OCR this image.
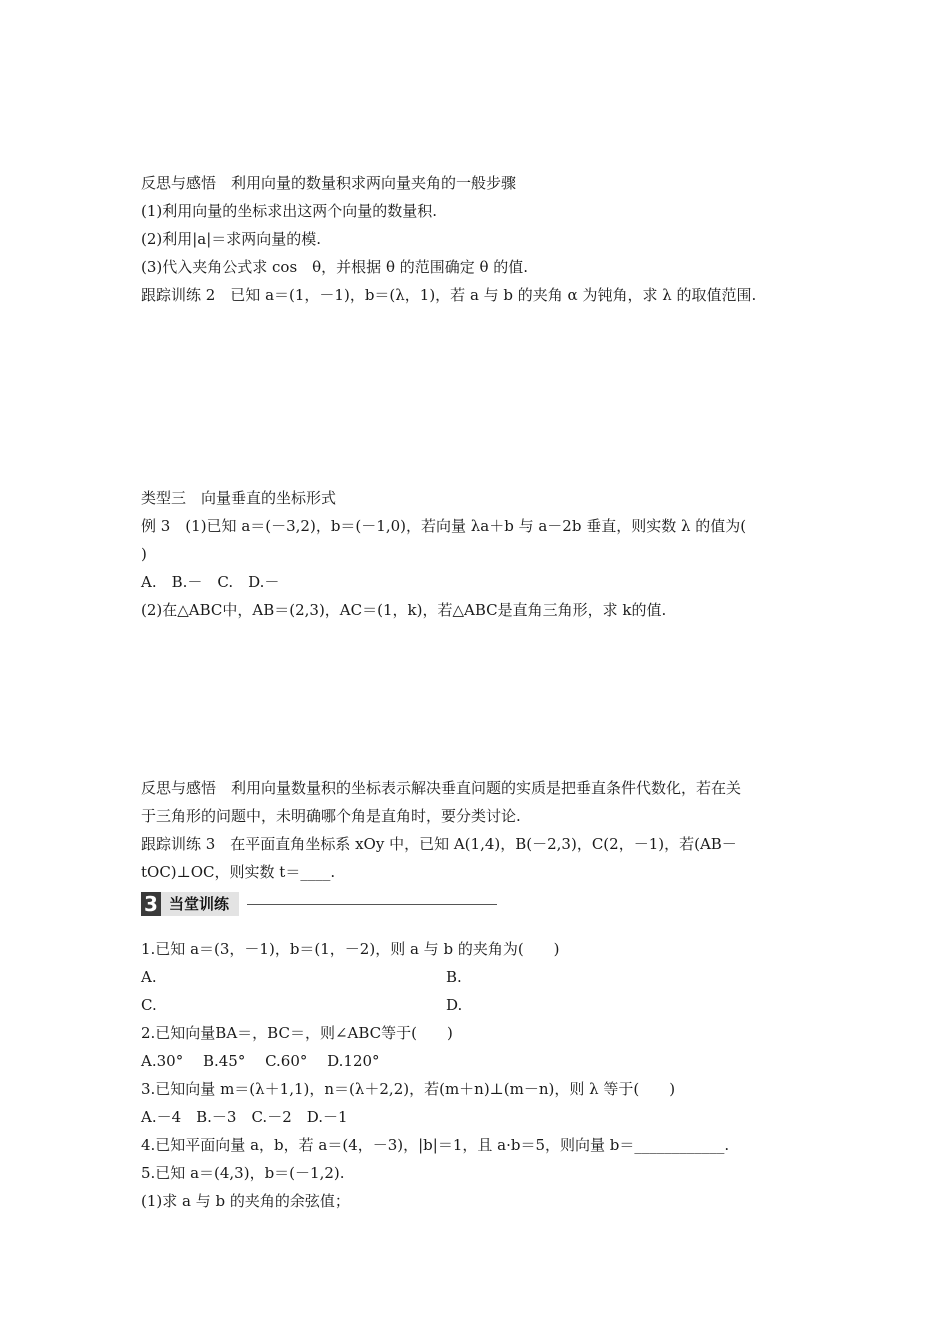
反思与感悟　利用向量的数量积求两向量夹角的一般步骤

(1)利用向量的坐标求出这两个向量的数量积.

(2)利用|a|＝求两向量的模.

(3)代入夹角公式求 cos　θ，并根据 θ 的范围确定 θ 的值.

跟踪训练 2　已知 a＝(1，－1)，b＝(λ，1)，若 a 与 b 的夹角 α 为钝角，求 λ 的取值范围.

类型三　向量垂直的坐标形式

例 3　(1)已知 a＝(－3,2)，b＝(－1,0)，若向量 λa＋b 与 a－2b 垂直，则实数 λ 的值为(

)

A.　B.－　C.　D.－

(2)在△ABC中，AB＝(2,3)，AC＝(1，k)，若△ABC是直角三角形，求 k的值.

反思与感悟　利用向量数量积的坐标表示解决垂直问题的实质是把垂直条件代数化，若在关

于三角形的问题中，未明确哪个角是直角时，要分类讨论.

跟踪训练 3　在平面直角坐标系 xOy 中，已知 A(1,4)，B(－2,3)，C(2，－1)，若(AB－

tOC)⊥OC，则实数 t＝____.

3 当堂训练

1.已知 a＝(3，－1)，b＝(1，－2)，则 a 与 b 的夹角为(　　)

A.	B.

C.	D.

2.已知向量BA＝，BC＝，则∠ABC等于(　　)

A.30°　 B.45°　 C.60°　 D.120°

3.已知向量 m＝(λ＋1,1)，n＝(λ＋2,2)，若(m＋n)⊥(m－n)，则 λ 等于(　　)

A.－4　B.－3　C.－2　D.－1

4.已知平面向量 a，b，若 a＝(4，－3)，|b|＝1，且 a·b＝5，则向量 b＝____________.

5.已知 a＝(4,3)，b＝(－1,2).

(1)求 a 与 b 的夹角的余弦值；
